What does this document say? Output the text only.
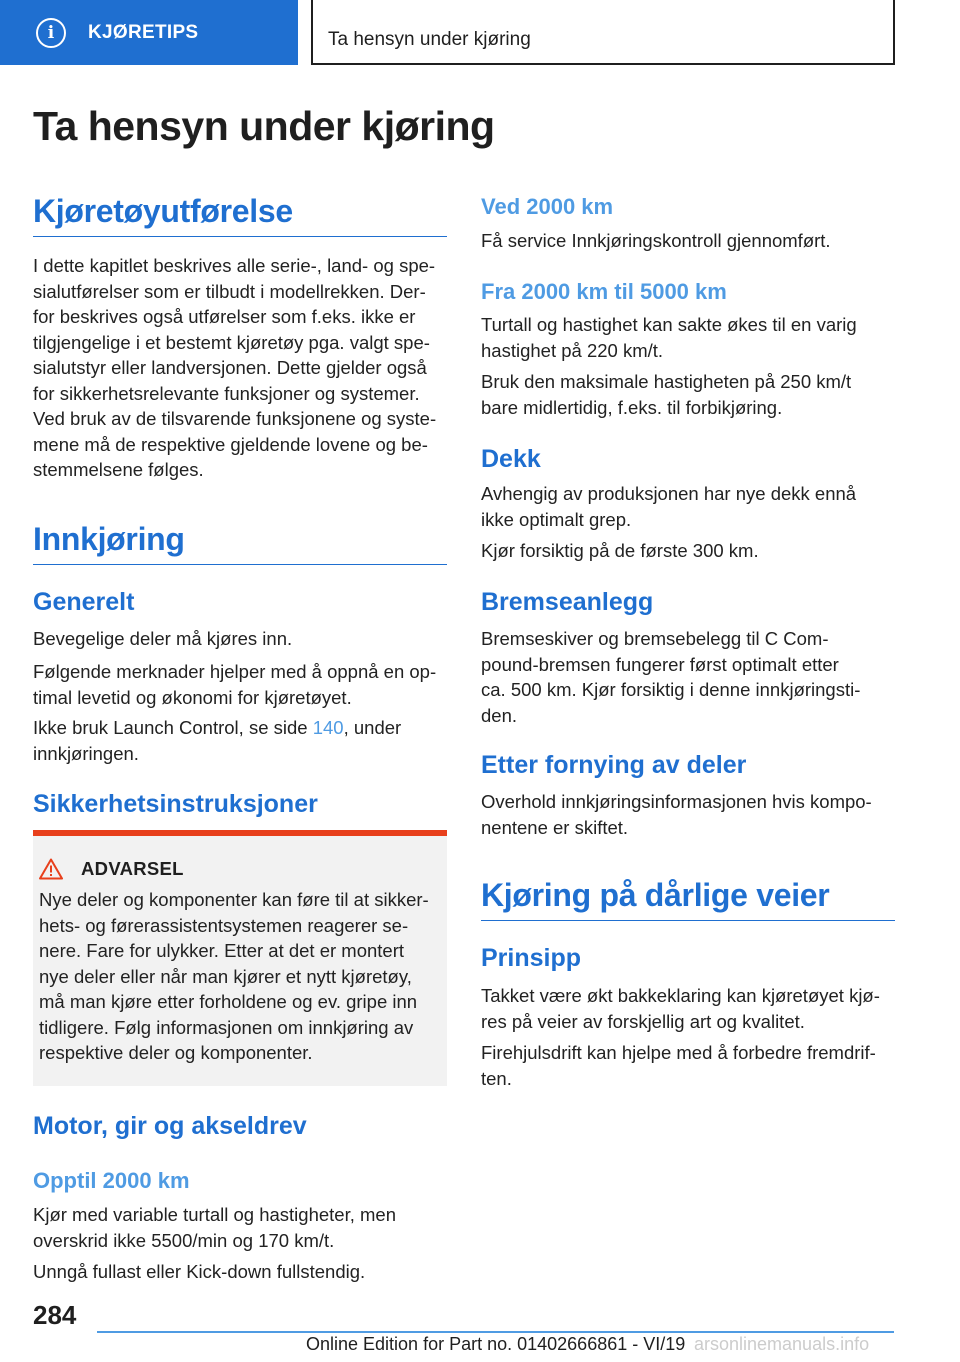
i	KJØRETIPS	Ta hensyn under kjøring
Ta hensyn under kjøring
Kjøretøyutførelse
I dette kapitlet beskrives alle serie-, land- og spe-
sialutførelser som er tilbudt i modellrekken. Der-
for beskrives også utførelser som f.eks. ikke er
tilgjengelige i et bestemt kjøretøy pga. valgt spe-
sialutstyr eller landversjonen. Dette gjelder også
for sikkerhetsrelevante funksjoner og systemer.
Ved bruk av de tilsvarende funksjonene og syste-
mene må de respektive gjeldende lovene og be-
stemmelsene følges.
Innkjøring
Generelt
Bevegelige deler må kjøres inn.
Følgende merknader hjelper med å oppnå en op-
timal levetid og økonomi for kjøretøyet.
Ikke bruk Launch Control, se side 140, under
innkjøringen.
Sikkerhetsinstruksjoner
ADVARSEL
Nye deler og komponenter kan føre til at sikker-
hets- og førerassistentsystemen reagerer se-
nere. Fare for ulykker. Etter at det er montert
nye deler eller når man kjører et nytt kjøretøy,
må man kjøre etter forholdene og ev. gripe inn
tidligere. Følg informasjonen om innkjøring av
respektive deler og komponenter.
Motor, gir og akseldrev
Opptil 2000 km
Kjør med variable turtall og hastigheter, men
overskrid ikke 5500/min og 170 km/t.
Unngå fullast eller Kick-down fullstendig.
Ved 2000 km
Få service Innkjøringskontroll gjennomført.
Fra 2000 km til 5000 km
Turtall og hastighet kan sakte økes til en varig
hastighet på 220 km/t.
Bruk den maksimale hastigheten på 250 km/t
bare midlertidig, f.eks. til forbikjøring.
Dekk
Avhengig av produksjonen har nye dekk ennå
ikke optimalt grep.
Kjør forsiktig på de første 300 km.
Bremseanlegg
Bremseskiver og bremsebelegg til C Com-
pound-bremsen fungerer først optimalt etter
ca. 500 km. Kjør forsiktig i denne innkjøringsti-
den.
Etter fornying av deler
Overhold innkjøringsinformasjonen hvis kompo-
nentene er skiftet.
Kjøring på dårlige veier
Prinsipp
Takket være økt bakkeklaring kan kjøretøyet kjø-
res på veier av forskjellig art og kvalitet.
Firehjulsdrift kan hjelpe med å forbedre fremdrif-
ten.
284
Online Edition for Part no. 01402666861 - VI/19 arsonlinemanuals.info
